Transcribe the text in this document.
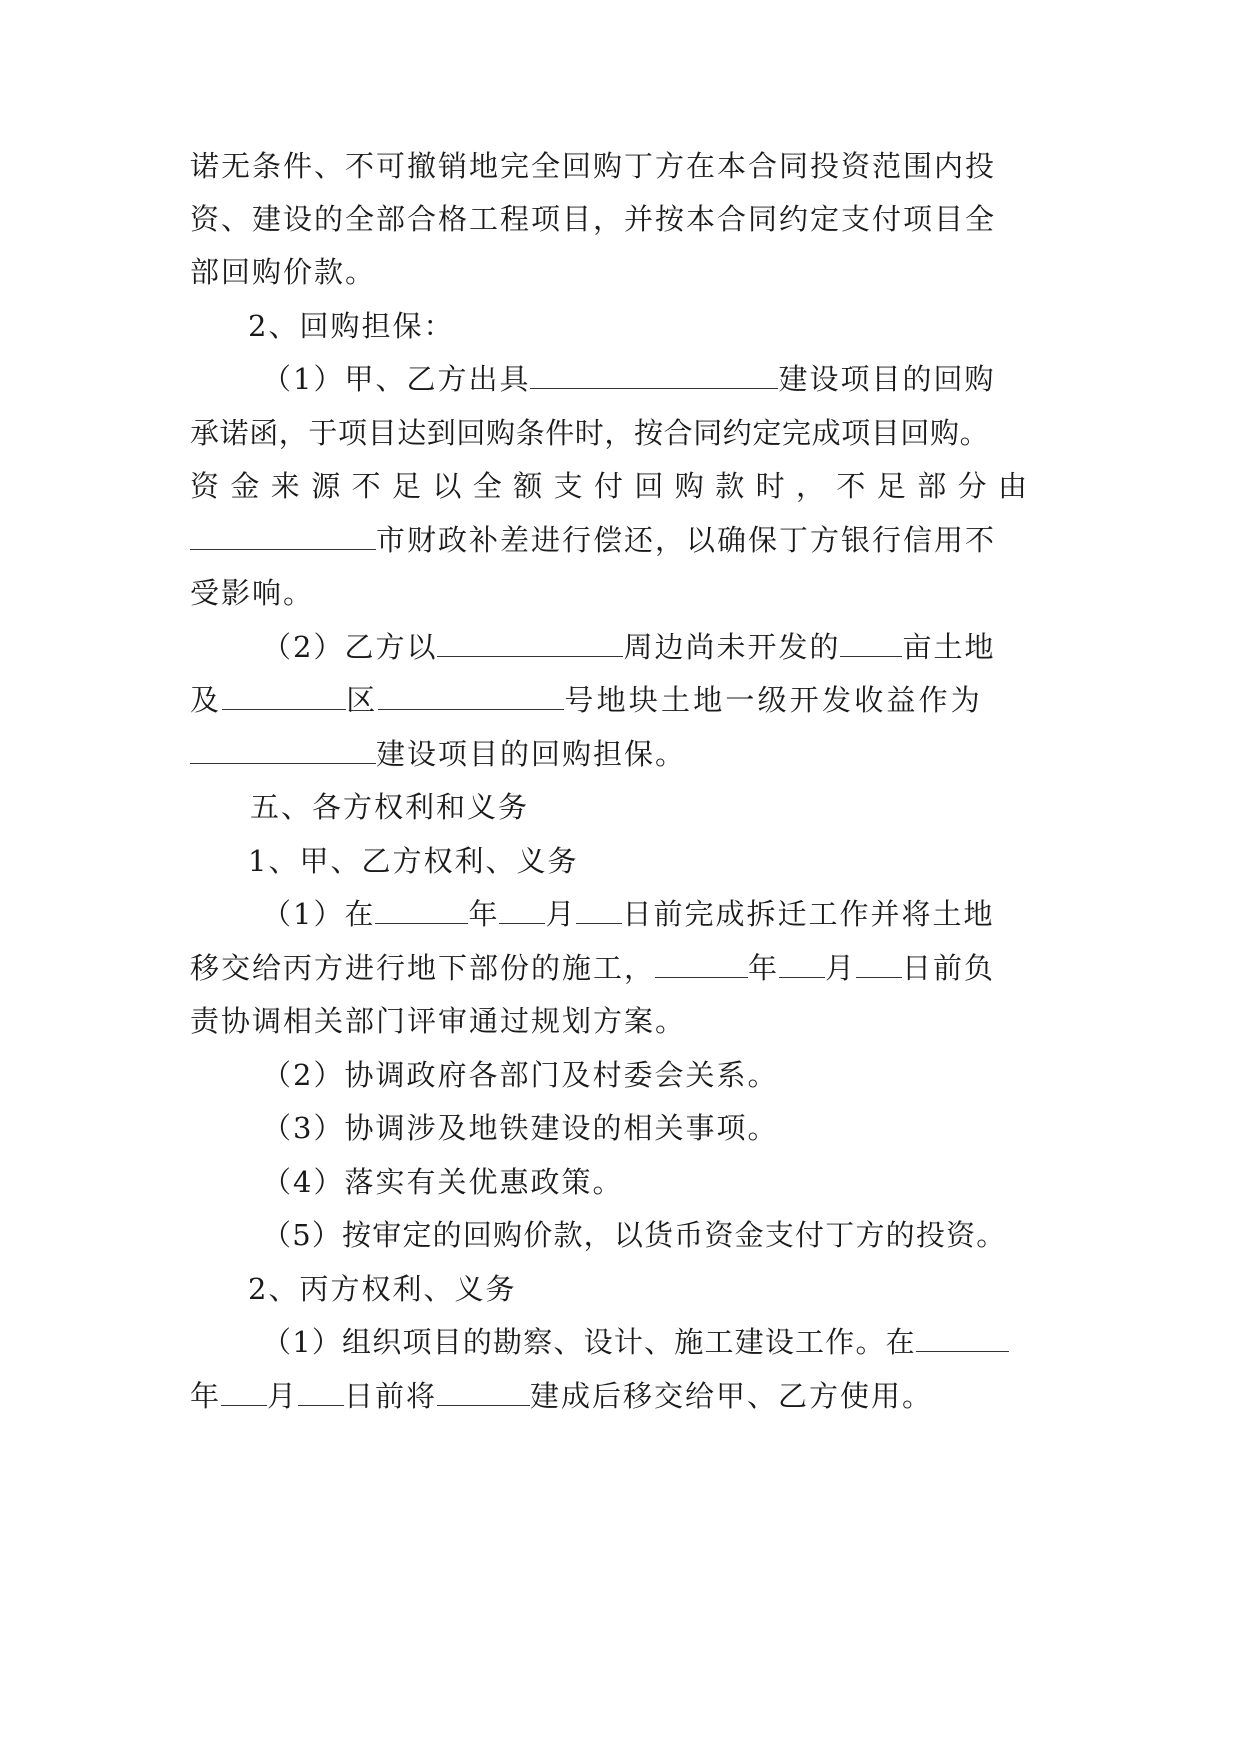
诺无条件、不可撤销地完全回购丁方在本合同投资范围内投
资、建设的全部合格工程项目，并按本合同约定支付项目全
部回购价款。
2、回购担保：
（1）甲、乙方出具	建设项目的回购
承诺函，于项目达到回购条件时，按合同约定完成项目回购。
资金来源不足以全额支付回购款时，不足部分由
市财政补差进行偿还，以确保丁方银行信用不
受影响。
（2）乙方以	周边尚未开发的 亩土地
及	区	号地块土地一级开发收益作为
建设项目的回购担保。
五、各方权利和义务
1、甲、乙方权利、义务
（1）在	年 月 日前完成拆迁工作并将土地
移交给丙方进行地下部份的施工，	年 月 日前负
责协调相关部门评审通过规划方案。
（2）协调政府各部门及村委会关系。
（3）协调涉及地铁建设的相关事项。
（4）落实有关优惠政策。
（5）按审定的回购价款，以货币资金支付丁方的投资。
2、丙方权利、义务
（1）组织项目的勘察、设计、施工建设工作。在
年 月 日前将	建成后移交给甲、乙方使用。
